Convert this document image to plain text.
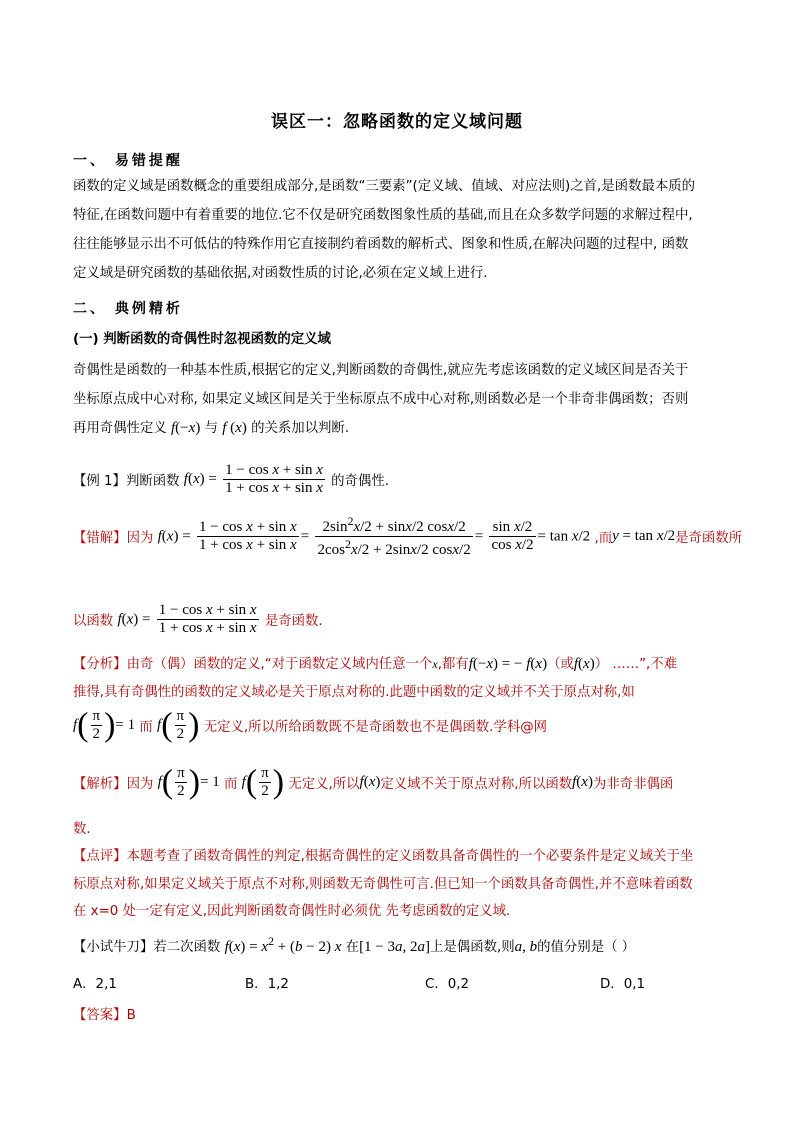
误区一：忽略函数的定义域问题
一、 易错提醒
函数的定义域是函数概念的重要组成部分,是函数“三要素”(定义域、值域、对应法则)之首,是函数最本质的
特征,在函数问题中有着重要的地位.它不仅是研究函数图象性质的基础,而且在众多数学问题的求解过程中,
往往能够显示出不可低估的特殊作用它直接制约着函数的解析式、图象和性质,在解决问题的过程中, 函数
定义域是研究函数的基础依据,对函数性质的讨论,必须在定义域上进行.
二、 典例精析
(一) 判断函数的奇偶性时忽视函数的定义域
奇偶性是函数的一种基本性质,根据它的定义,判断函数的奇偶性,就应先考虑该函数的定义域区间是否关于
坐标原点成中心对称, 如果定义域区间是关于坐标原点不成中心对称,则函数必是一个非奇非偶函数；否则
再用奇偶性定义 f(−x) 与 f (x) 的关系加以判断.
【例 1】判断函数 $f(x) = \frac{\text{1 − cos x + sin x}}{\text{1 + cos x + sin x}}$ 的奇偶性.
【错解】因为 $f(x) = \frac{\text{1 − cos x + sin x}}{\text{1 + cos x + sin x}} = \frac{2\sin^2x/2 + \sin x/2 \cos x/2}{2\cos^2x/2 + 2\sin x/2 \cos x/2} = \frac{\text{sin x/2}}{\text{cos x/2}} = \tan x/2$ ,而y = tan x/2是奇函数所
以函数 $f(x) = \frac{\text{1 − cos x + sin x}}{\text{1 + cos x + sin x}}$ 是奇函数.
【分析】由奇（偶）函数的定义,“对于函数定义域内任意一个x,都有f(−x) = − f(x)（或f(x)） ……”,不难
推得,具有奇偶性的函数的定义域必是关于原点对称的.此题中函数的定义域并不关于原点对称,如
$f( \frac{\pi}{2}$ )= 1 而 $f( \frac{\pi}{2}$ ) 无定义,所以所给函数既不是奇函数也不是偶函数.学科@网
【解析】因为 $f( \frac{\pi}{2}$ )= 1 而 $f( \frac{\pi}{2}$ ) 无定义,所以f(x)定义域不关于原点对称,所以函数f(x)为非奇非偶函
数.
【点评】本题考查了函数奇偶性的判定,根据奇偶性的定义函数具备奇偶性的一个必要条件是定义域关于坐
标原点对称,如果定义域关于原点不对称,则函数无奇偶性可言.但已知一个函数具备奇偶性,并不意味着函数
在 x=0 处一定有定义,因此判断函数奇偶性时必须优 先考虑函数的定义域.
【小试牛刀】若二次函数 $f(x) = x^2 + (b - 2)$ x 在[1 − 3a, 2a]上是偶函数,则a, b的值分别是（ ）
A．2,1	B．1,2	C．0,2	D．0,1
【答案】B
